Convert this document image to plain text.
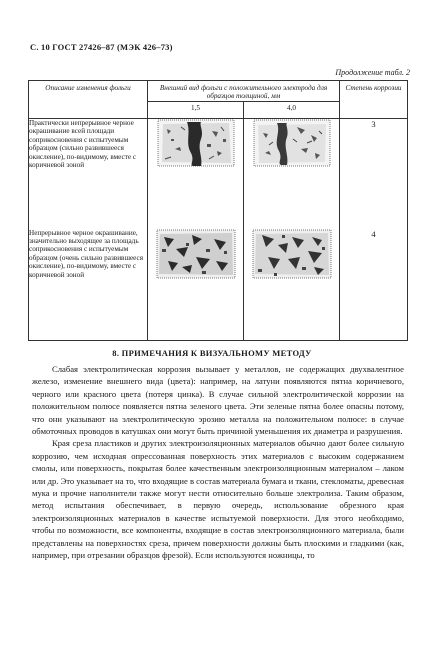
С. 10 ГОСТ 27426–87 (МЭК 426–73)
Продолжение табл. 2
Описание изменения фольги	Внешний вид фольги с положительного электрода для образцов толщиной, мм		Степень коррозии
	1,5	4,0	
Практически непрерывное черное окрашивание всей площади соприкосновения с испытуемым образцом (сильно развившееся окисление), по-видимому, вместе с коричневой зоной			3
Непрерывное черное окрашивание, значительно выходящее за площадь соприкосновения с испытуемым образцом (очень сильно развившееся окисление), по-видимому, вместе с коричневой зоной			4
8. ПРИМЕЧАНИЯ К ВИЗУАЛЬНОМУ МЕТОДУ

Слабая электролитическая коррозия вызывает у металлов, не содержащих двухвалентное железо, изменение внешнего вида (цвета): например, на латуни появляются пятна коричневого, черного или красного цвета (потеря цинка). В случае сильной электролитической коррозии на положительном полюсе появляется пятна зеленого цвета. Эти зеленые пятна более опасны потому, что они указывают на электролитическую эрозию металла на положительном полюсе: в случае обмоточных проводов в катушках они могут быть причиной уменьшения их диаметра и разрушения.

Края среза пластиков и других электроизоляционных материалов обычно дают более сильную коррозию, чем исходная опрессованная поверхность этих материалов с высоким содержанием смолы, или поверхность, покрытая более качественным электроизоляционным материалом – лаком или др. Это указывает на то, что входящие в состав материала бумага и ткани, стекломаты, древесная мука и прочие наполнители также могут нести относительно больше электролиза. Таким образом, метод испытания обеспечивает, в первую очередь, использование обрезного края электроизоляционных материалов в качестве испытуемой поверхности. Для этого необходимо, чтобы по возможности, все компоненты, входящие в состав электроизоляционного материала, были представлены на поверхностях среза, причем поверхности должны быть плоскими и гладкими (как, например, при отрезании образцов фрезой). Если используются ножницы, то
